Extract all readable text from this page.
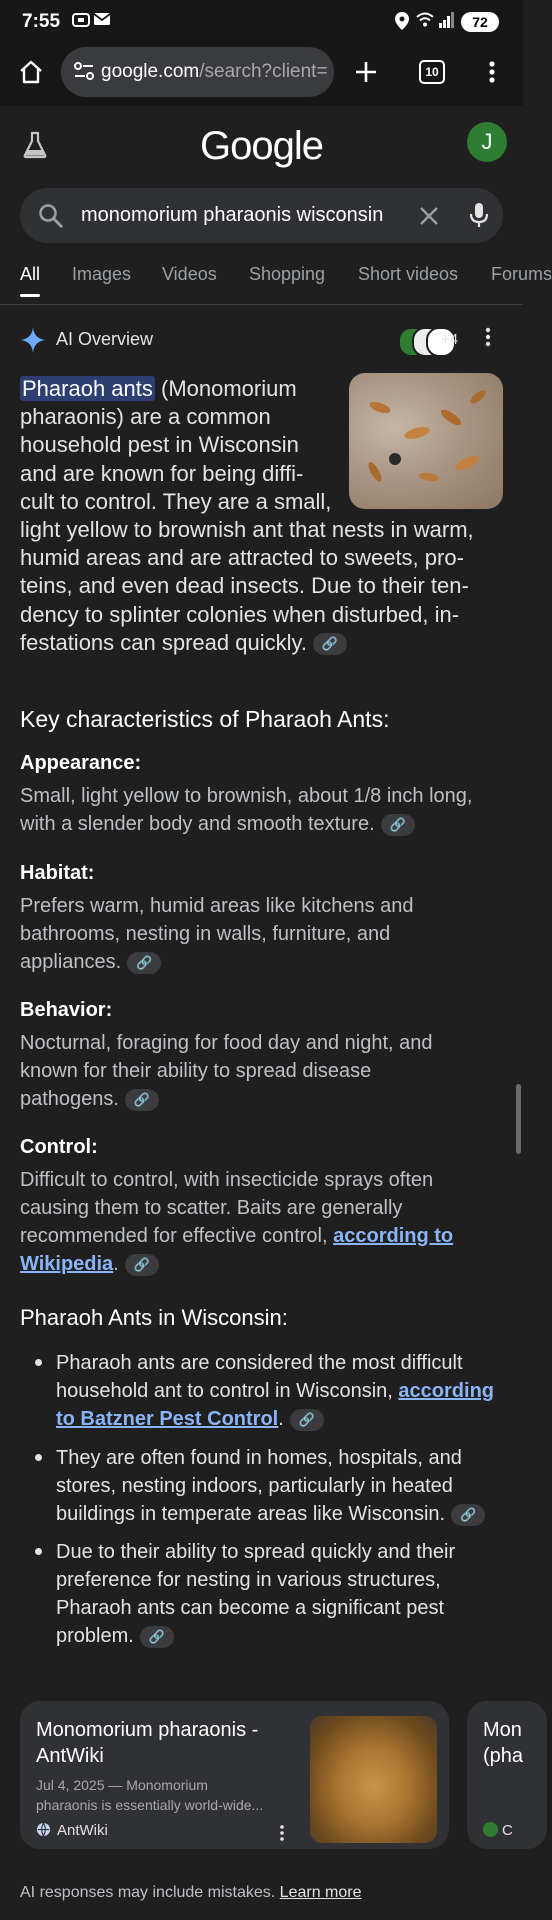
7:55	72
google.com/search?client=	10
Google	J
monomorium pharaonis wisconsin
All Images Videos Shopping Short videos Forums
AI Overview	+4
Pharaoh ants (Monomorium
pharaonis) are a common
household pest in Wisconsin
and are known for being diffi-
cult to control. They are a small,
light yellow to brownish ant that nests in warm,
humid areas and are attracted to sweets, pro-
teins, and even dead insects. Due to their ten-
dency to splinter colonies when disturbed, in-
festations can spread quickly. 🔗
Key characteristics of Pharaoh Ants:
Appearance:
Small, light yellow to brownish, about 1/8 inch long,
with a slender body and smooth texture. 🔗
Habitat:
Prefers warm, humid areas like kitchens and
bathrooms, nesting in walls, furniture, and
appliances. 🔗
Behavior:
Nocturnal, foraging for food day and night, and
known for their ability to spread disease
pathogens. 🔗
Control:
Difficult to control, with insecticide sprays often
causing them to scatter. Baits are generally
recommended for effective control, according to
Wikipedia. 🔗
Pharaoh Ants in Wisconsin:
Pharaoh ants are considered the most difficult
household ant to control in Wisconsin, according
to Batzner Pest Control. 🔗
They are often found in homes, hospitals, and
stores, nesting indoors, particularly in heated
buildings in temperate areas like Wisconsin. 🔗
Due to their ability to spread quickly and their
preference for nesting in various structures,
Pharaoh ants can become a significant pest
problem. 🔗
Monomorium pharaonis -
AntWiki
Jul 4, 2025 — Monomorium
pharaonis is essentially world-wide...
AntWiki
Mon
(pha
C
AI responses may include mistakes. Learn more
